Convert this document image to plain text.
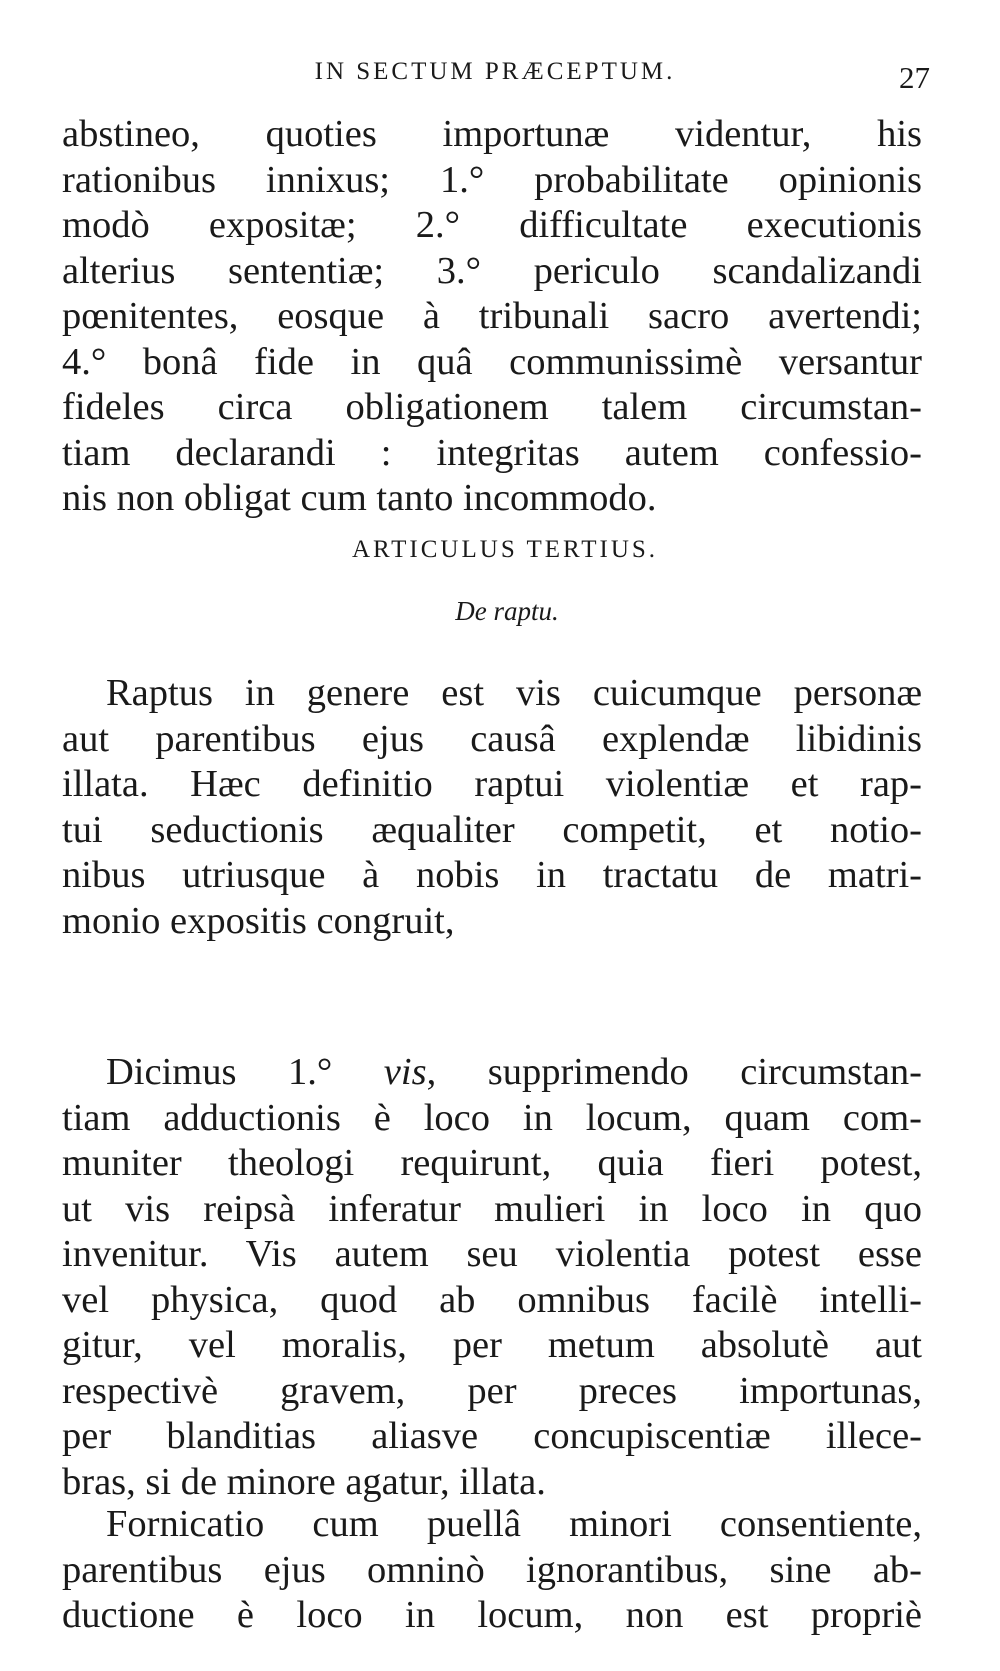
IN SECTUM PRÆCEPTUM.	27
abstineo, quoties importunæ videntur, his
rationibus innixus; 1.° probabilitate opinionis
modò expositæ; 2.° difficultate executionis
alterius sententiæ; 3.° periculo scandalizandi
pœnitentes, eosque à tribunali sacro avertendi;
4.° bonâ fide in quâ communissimè versantur
fideles circa obligationem talem circumstan-
tiam declarandi : integritas autem confessio-
nis non obligat cum tanto incommodo.
ARTICULUS TERTIUS.
De raptu.
Raptus in genere est vis cuicumque personæ
aut parentibus ejus causâ explendæ libidinis
illata. Hæc definitio raptui violentiæ et rap-
tui seductionis æqualiter competit, et notio-
nibus utriusque à nobis in tractatu de matri-
monio expositis congruit,
Dicimus 1.° vis, supprimendo circumstan-
tiam adductionis è loco in locum, quam com-
muniter theologi requirunt, quia fieri potest,
ut vis reipsà inferatur mulieri in loco in quo
invenitur. Vis autem seu violentia potest esse
vel physica, quod ab omnibus facilè intelli-
gitur, vel moralis, per metum absolutè aut
respectivè gravem, per preces importunas,
per blanditias aliasve concupiscentiæ illece-
bras, si de minore agatur, illata.
Fornicatio cum puellâ minori consentiente,
parentibus ejus omninò ignorantibus, sine ab-
ductione è loco in locum, non est propriè
